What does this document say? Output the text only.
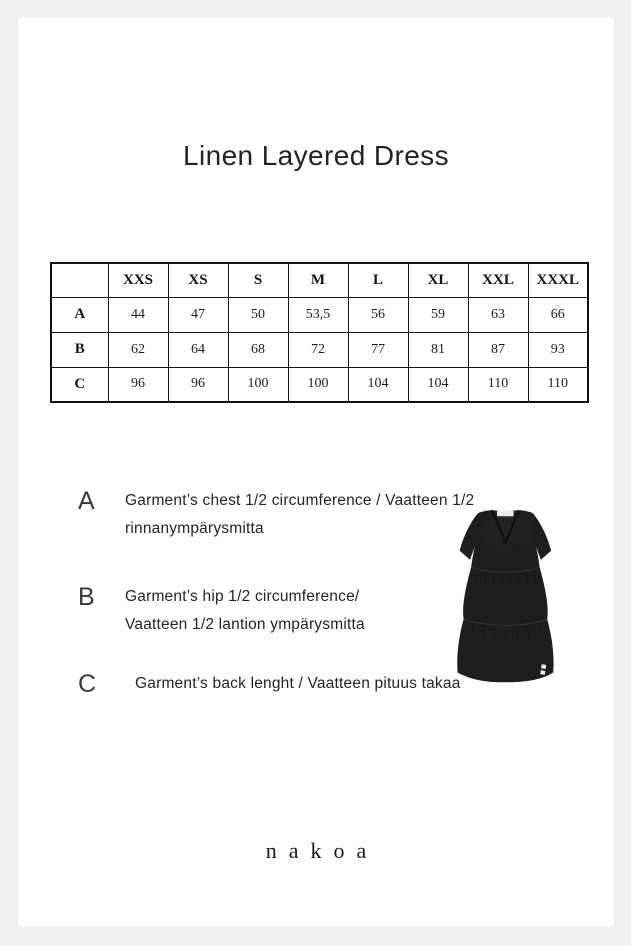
Linen Layered Dress
	XXS	XS	S	M	L	XL	XXL	XXXL
A	44	47	50	53,5	56	59	63	66
B	62	64	68	72	77	81	87	93
C	96	96	100	100	104	104	110	110
A	Garment’s chest 1/2 circumference / Vaatteen 1/2
rinnanympärysmitta
B	Garment’s hip 1/2 circumference/
Vaatteen 1/2 lantion ympärysmitta
C	Garment’s back lenght / Vaatteen pituus takaa
nakoa
